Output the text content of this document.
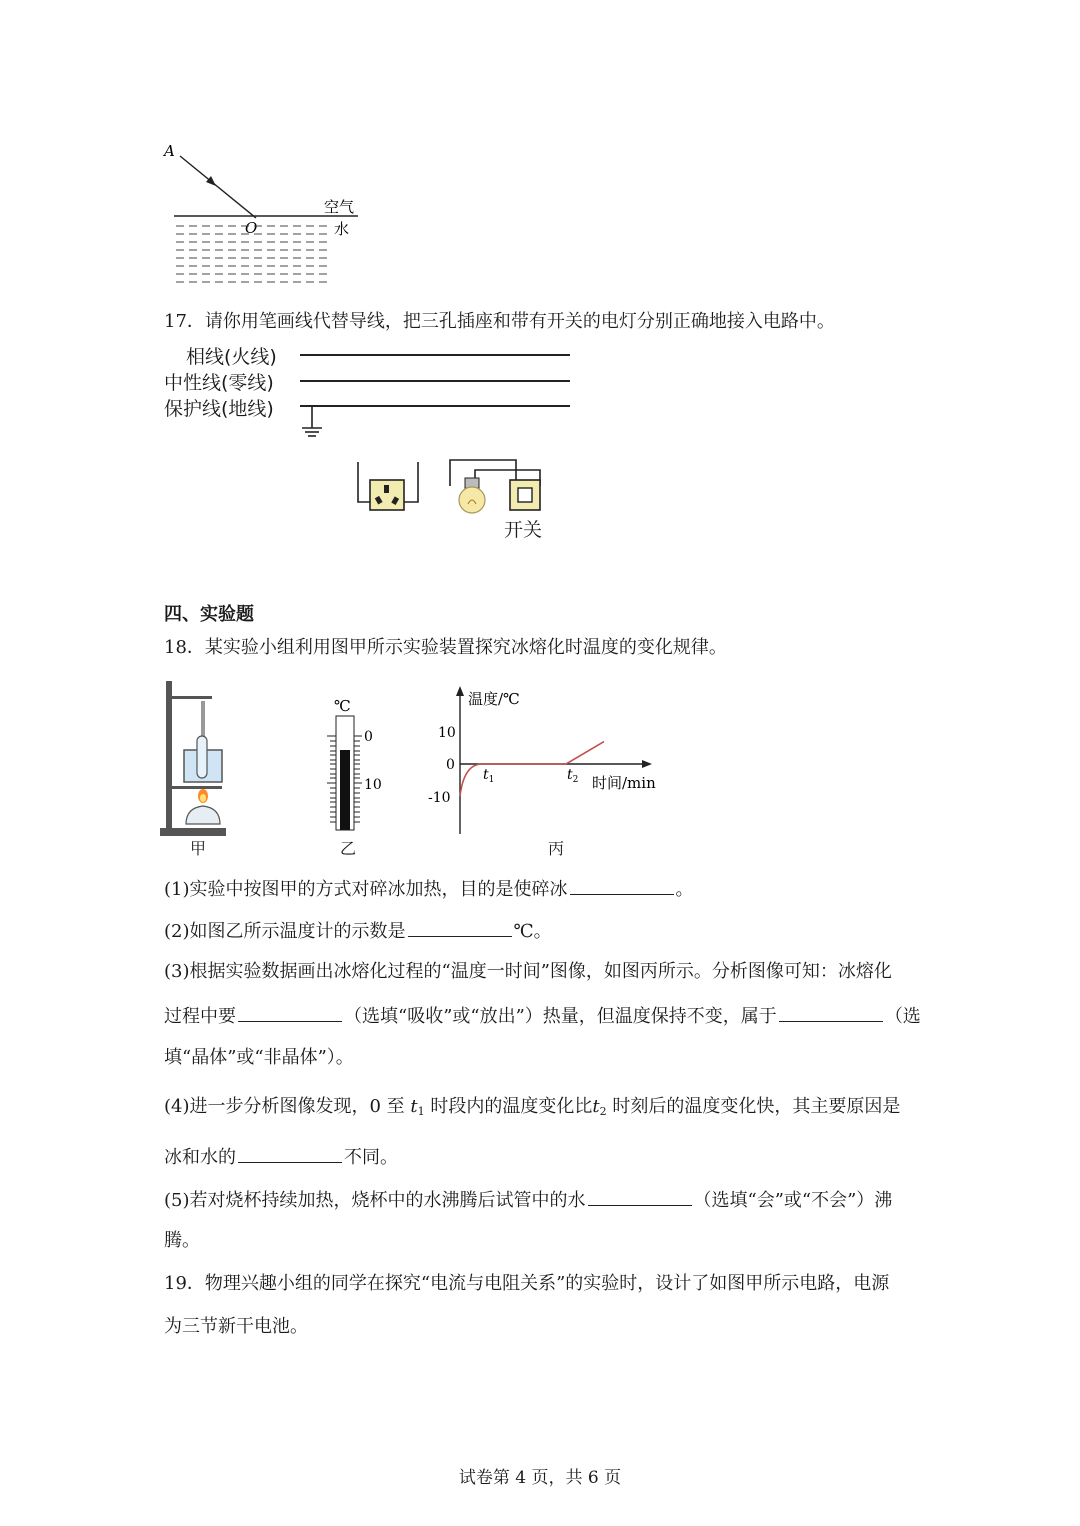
A
O
空气
水
17．请你用笔画线代替导线，把三孔插座和带有开关的电灯分别正确地接入电路中。
相线(火线)
中性线(零线)
保护线(地线)
开关
四、实验题
18．某实验小组利用图甲所示实验装置探究冰熔化时温度的变化规律。
甲
℃
0
10
乙
温度/℃
时间/min
10
0
-10
$t_1$	$t_2$
丙
(1)实验中按图甲的方式对碎冰加热，目的是使碎冰	。
(2)如图乙所示温度计的示数是	℃。
(3)根据实验数据画出冰熔化过程的“温度一时间”图像，如图丙所示。分析图像可知：冰熔化
过程中要	（选填“吸收”或“放出”）热量，但温度保持不变，属于	（选
填“晶体”或“非晶体”）。
(4)进一步分析图像发现，0 至 $t_1$ 时段内的温度变化比$t_2$ 时刻后的温度变化快，其主要原因是
冰和水的	不同。
(5)若对烧杯持续加热，烧杯中的水沸腾后试管中的水	（选填“会”或“不会”）沸
腾。
19．物理兴趣小组的同学在探究“电流与电阻关系”的实验时，设计了如图甲所示电路，电源
为三节新干电池。
试卷第 4 页，共 6 页
